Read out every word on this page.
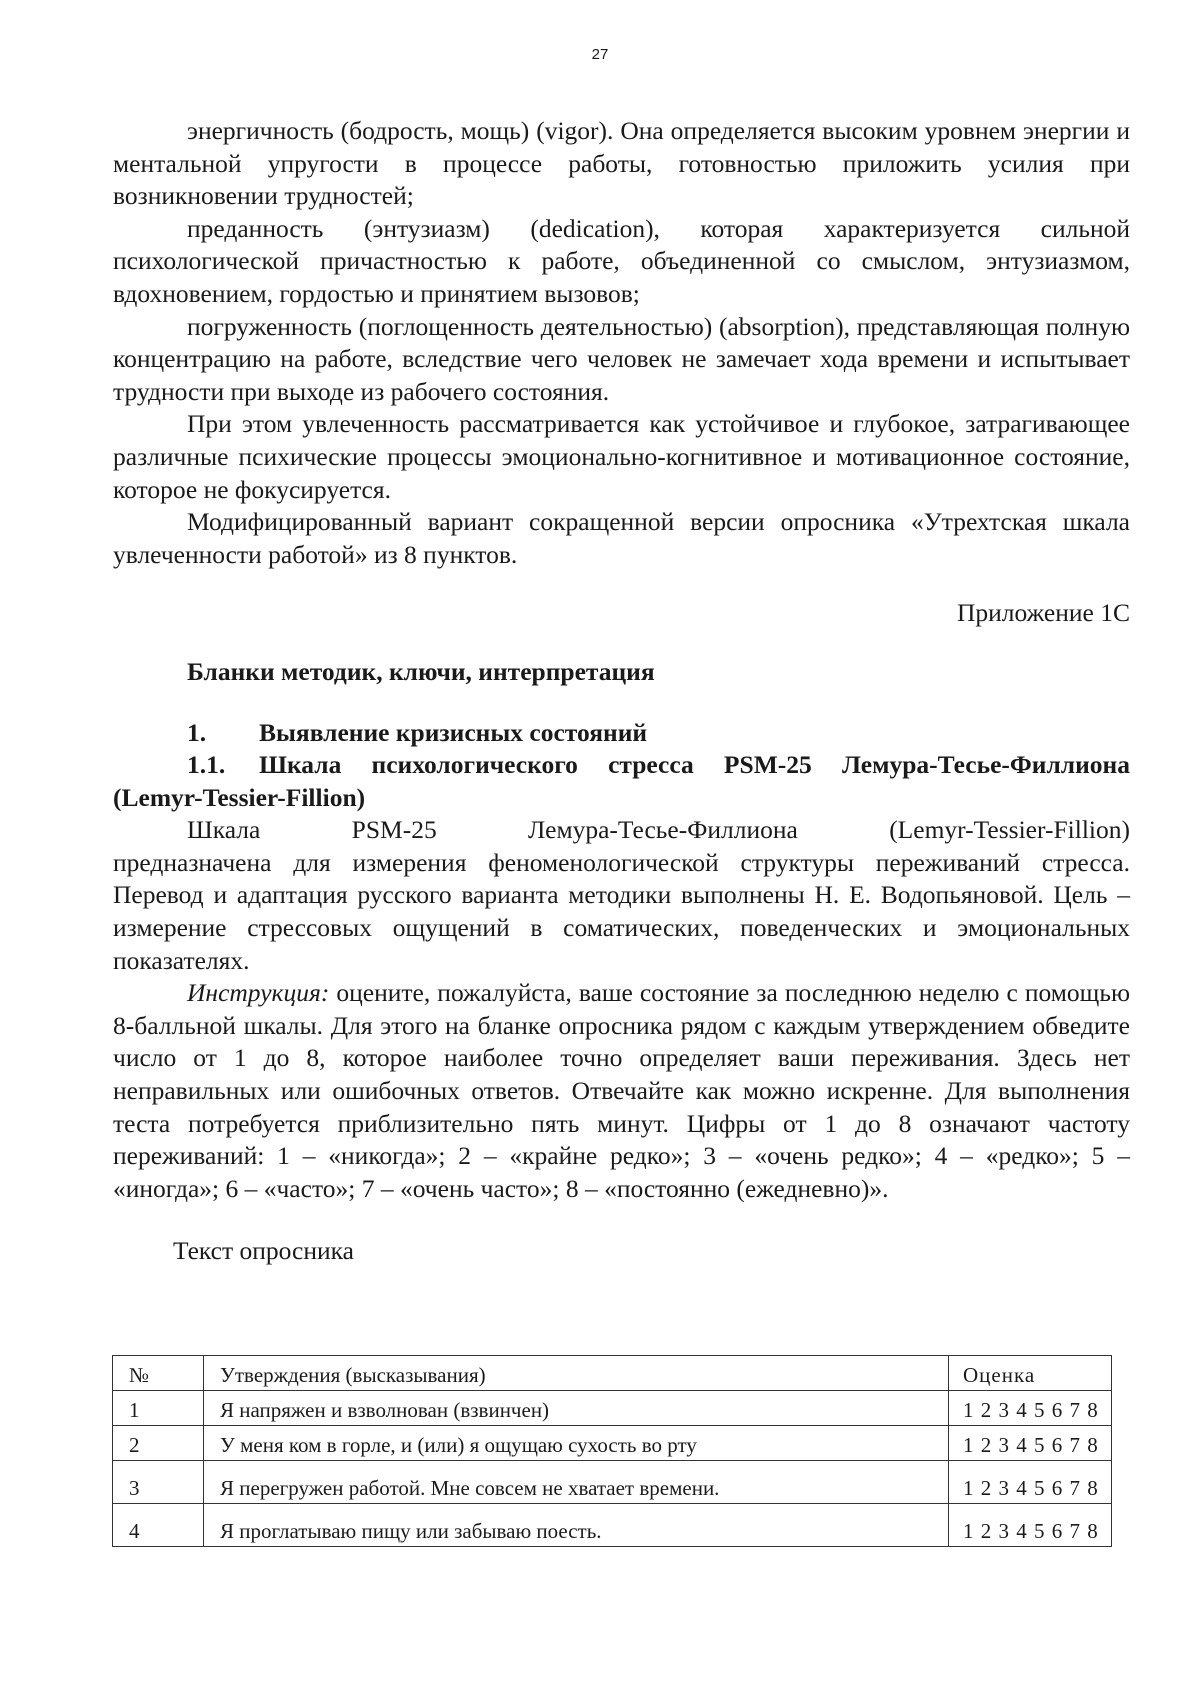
27

энергичность (бодрость, мощь) (vigor). Она определяется высоким уровнем энергии и ментальной упругости в процессе работы, готовностью приложить усилия при возникновении трудностей;

преданность (энтузиазм) (dedication), которая характеризуется сильной психологической причастностью к работе, объединенной со смыслом, энтузиазмом, вдохновением, гордостью и принятием вызовов;

погруженность (поглощенность деятельностью) (absorption), представляющая полную концентрацию на работе, вследствие чего человек не замечает хода времени и испытывает трудности при выходе из рабочего состояния.

При этом увлеченность рассматривается как устойчивое и глубокое, затрагивающее различные психические процессы эмоционально-когнитивное и мотивационное состояние, которое не фокусируется.

Модифицированный вариант сокращенной версии опросника «Утрехтская шкала увлеченности работой» из 8 пунктов.

Приложение 1С

Бланки методик, ключи, интерпретация

1. Выявление кризисных состояний

1.1. Шкала психологического стресса PSM-25 Лемура-Тесье-Филлиона (Lemyr-Tessier-Fillion)

Шкала PSM-25 Лемура-Тесье-Филлиона (Lemyr-Tessier-Fillion)

предназначена для измерения феноменологической структуры переживаний стресса. Перевод и адаптация русского варианта методики выполнены Н. Е. Водопьяновой. Цель – измерение стрессовых ощущений в соматических, поведенческих и эмоциональных показателях.

Инструкция: оцените, пожалуйста, ваше состояние за последнюю неделю с помощью 8-балльной шкалы. Для этого на бланке опросника рядом с каждым утверждением обведите число от 1 до 8, которое наиболее точно определяет ваши переживания. Здесь нет неправильных или ошибочных ответов. Отвечайте как можно искренне. Для выполнения теста потребуется приблизительно пять минут. Цифры от 1 до 8 означают частоту переживаний: 1 – «никогда»; 2 – «крайне редко»; 3 – «очень редко»; 4 – «редко»; 5 – «иногда»; 6 – «часто»; 7 – «очень часто»; 8 – «постоянно (ежедневно)».

Текст опросника

№	Утверждения (высказывания)	Оценка
1	Я напряжен и взволнован (взвинчен)	1 2 3 4 5 6 7 8
2	У меня ком в горле, и (или) я ощущаю сухость во рту	1 2 3 4 5 6 7 8
3	Я перегружен работой. Мне совсем не хватает времени.	1 2 3 4 5 6 7 8
4	Я проглатываю пищу или забываю поесть.	1 2 3 4 5 6 7 8
